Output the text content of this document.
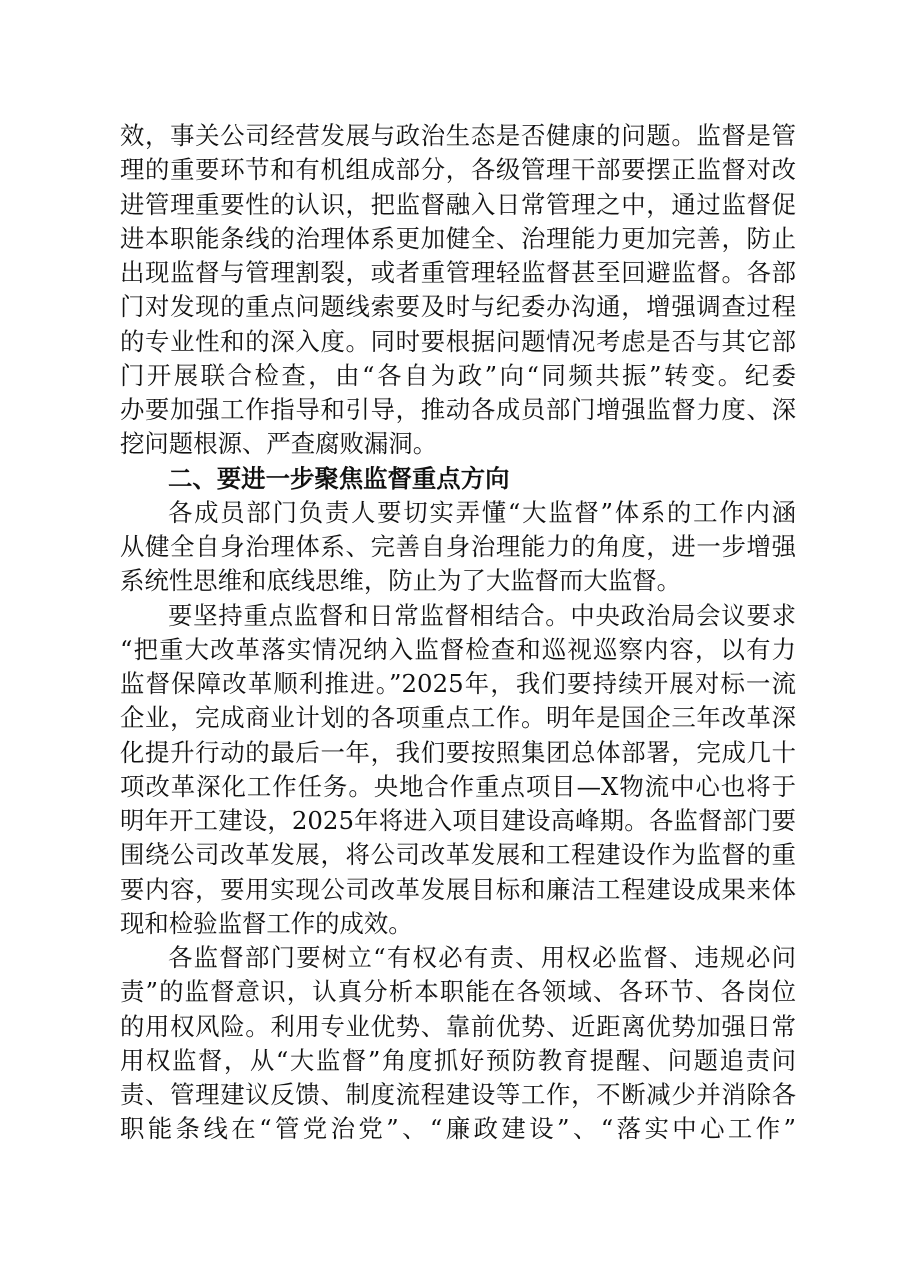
效，事关公司经营发展与政治生态是否健康的问题。监督是管
理的重要环节和有机组成部分，各级管理干部要摆正监督对改
进管理重要性的认识，把监督融入日常管理之中，通过监督促
进本职能条线的治理体系更加健全、治理能力更加完善，防止
出现监督与管理割裂，或者重管理轻监督甚至回避监督。各部
门对发现的重点问题线索要及时与纪委办沟通，增强调查过程
的专业性和的深入度。同时要根据问题情况考虑是否与其它部
门开展联合检查，由“各自为政”向“同频共振”转变。纪委
办要加强工作指导和引导，推动各成员部门增强监督力度、深
挖问题根源、严查腐败漏洞。
二、要进一步聚焦监督重点方向
各成员部门负责人要切实弄懂“大监督”体系的工作内涵
从健全自身治理体系、完善自身治理能力的角度，进一步增强
系统性思维和底线思维，防止为了大监督而大监督。
要坚持重点监督和日常监督相结合。中央政治局会议要求
“把重大改革落实情况纳入监督检查和巡视巡察内容，以有力
监督保障改革顺利推进。”2025年，我们要持续开展对标一流
企业，完成商业计划的各项重点工作。明年是国企三年改革深
化提升行动的最后一年，我们要按照集团总体部署，完成几十
项改革深化工作任务。央地合作重点项目—X物流中心也将于
明年开工建设，2025年将进入项目建设高峰期。各监督部门要
围绕公司改革发展，将公司改革发展和工程建设作为监督的重
要内容，要用实现公司改革发展目标和廉洁工程建设成果来体
现和检验监督工作的成效。
各监督部门要树立“有权必有责、用权必监督、违规必问
责”的监督意识，认真分析本职能在各领域、各环节、各岗位
的用权风险。利用专业优势、靠前优势、近距离优势加强日常
用权监督，从“大监督”角度抓好预防教育提醒、问题追责问
责、管理建议反馈、制度流程建设等工作，不断减少并消除各
职能条线在“管党治党”、“廉政建设”、“落实中心工作”
